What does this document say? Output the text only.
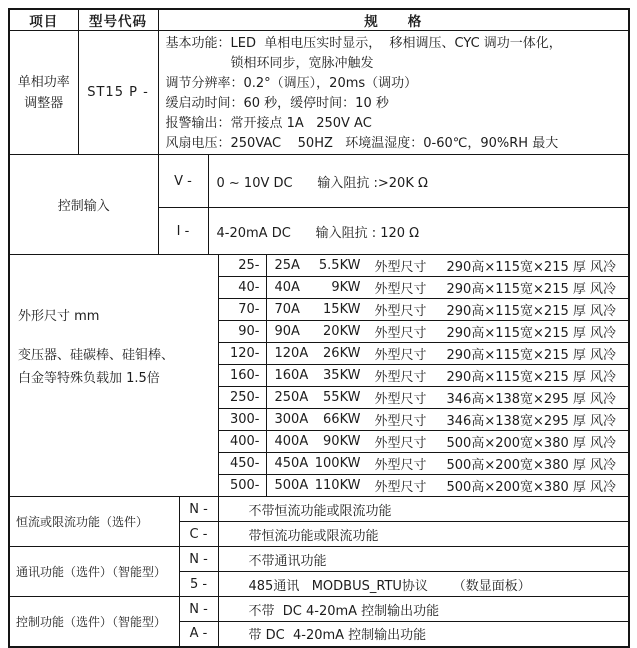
项目	型号代码	规　　格				

单相功率
调整器
	ST15 P -	
基本功能：LED  单相电压实时显示，  移相调压、CYC 调功一体化，
锁相环同步，宽脉冲触发
调节分辨率：0.2°（调压），20ms（调功）
缓启动时间：60 秒，缓停时间：10 秒
报警输出：常开接点 1A   250V AC
风扇电压：250VAC    50HZ   环境温湿度：0-60℃，90%RH 最大

控制输入		V -		0 ~ 10V DC      输入阻抗 :>20K Ω		
		I -		4-20mA DC      输入阻抗 : 120 Ω		

外形尺寸 mm
变压器、硅碳棒、硅钼棒、
白金等特殊负载加 1.5倍
	25-	25A	5.5KW 外型尺寸 290高×115宽×215 厚 风冷

					40-	40A 9KW 外型尺寸 290高×115宽×215 厚 风冷

					70-	70A 15KW 外型尺寸 290高×115宽×215 厚 风冷

					90-	90A 20KW 外型尺寸 290高×115宽×215 厚 风冷

					120-	120A 26KW 外型尺寸 290高×115宽×215 厚 风冷

					160-	160A 35KW 外型尺寸 290高×115宽×215 厚 风冷

					250-	250A 55KW 外型尺寸 346高×138宽×295 厚 风冷

					300-	300A 66KW 外型尺寸 346高×138宽×295 厚 风冷

					400-	400A 90KW 外型尺寸 500高×200宽×380 厚 风冷

					450-	450A 100KW 外型尺寸 500高×200宽×380 厚 风冷

					500-	500A 110KW 外型尺寸 500高×200宽×380 厚 风冷

恒流或限流功能（选件）			N -		不带恒流功能或限流功能	
			C -		带恒流功能或限流功能	
通讯功能（选件）（智能型）			N -		不带通讯功能	
			5 -		485通讯   MODBUS_RTU协议      （数显面板）	
控制功能（选件）（智能型）			N -		不带  DC 4-20mA 控制输出功能	
			A -		带 DC  4-20mA 控制输出功能	
